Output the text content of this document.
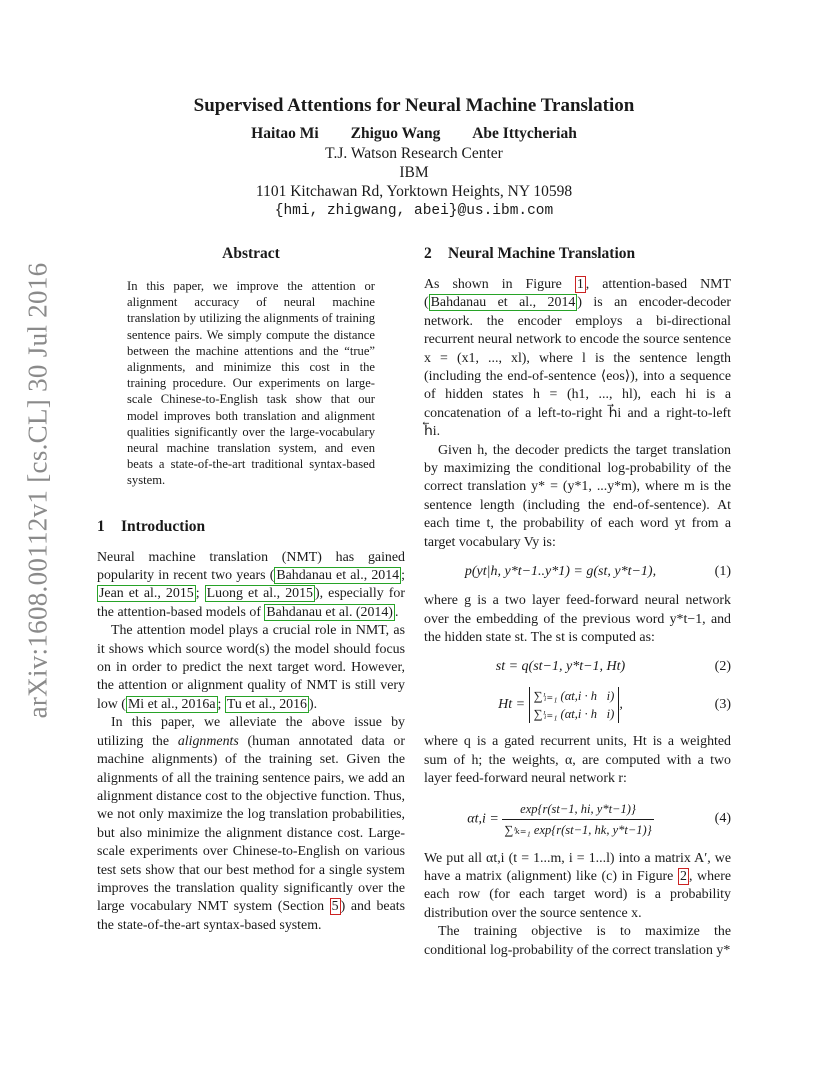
arXiv:1608.00112v1 [cs.CL] 30 Jul 2016
Supervised Attentions for Neural Machine Translation
Haitao Mi Zhiguo Wang Abe Ittycheriah
T.J. Watson Research Center
IBM
1101 Kitchawan Rd, Yorktown Heights, NY 10598
{hmi, zhigwang, abei}@us.ibm.com
Abstract

In this paper, we improve the attention or alignment accuracy of neural machine translation by utilizing the alignments of training sentence pairs. We simply compute the distance between the machine attentions and the “true” alignments, and minimize this cost in the training procedure. Our experiments on large-scale Chinese-to-English task show that our model improves both translation and alignment qualities significantly over the large-vocabulary neural machine translation system, and even beats a state-of-the-art traditional syntax-based system.

1 Introduction

Neural machine translation (NMT) has gained popularity in recent two years ( Bahdanau et al., 2014 ; Jean et al., 2015 ; Luong et al., 2015 ), especially for the attention-based models of Bahdanau et al. (2014) .

The attention model plays a crucial role in NMT, as it shows which source word(s) the model should focus on in order to predict the next target word. However, the attention or alignment quality of NMT is still very low ( Mi et al., 2016a ; Tu et al., 2016 ).

In this paper, we alleviate the above issue by utilizing the alignments (human annotated data or machine alignments) of the training set. Given the alignments of all the training sentence pairs, we add an alignment distance cost to the objective function. Thus, we not only maximize the log translation probabilities, but also minimize the alignment distance cost. Large-scale experiments over Chinese-to-English on various test sets show that our best method for a single system improves the translation quality significantly over the large vocabulary NMT system (Section 5 ) and beats the state-of-the-art syntax-based system.

2 Neural Machine Translation

As shown in Figure 1 , attention-based NMT ( Bahdanau et al., 2014 ) is an encoder-decoder network. the encoder employs a bi-directional recurrent neural network to encode the source sentence x = (x1, ..., xl), where l is the sentence length (including the end-of-sentence ⟨eos⟩), into a sequence of hidden states h = (h1, ..., hl), each hi is a concatenation of a left-to-right h⃗i and a right-to-left h⃖i.

Given h, the decoder predicts the target translation by maximizing the conditional log-probability of the correct translation y* = (y*1, ...y*m), where m is the sentence length (including the end-of-sentence). At each time t, the probability of each word yt from a target vocabulary Vy is:

p(yt|h, y*t−1..y*1) = g(st, y*t−1),	(1)

where g is a two layer feed-forward neural network over the embedding of the previous word y*t−1, and the hidden state st. The st is computed as:

st = q(st−1, y*t−1, Ht)	(2)
Ht =
∑ᶦᵢ₌₁ (αt,i · h⃖i)
∑ᶦᵢ₌₁ (αt,i · h⃗i)
,	(3)

where q is a gated recurrent units, Ht is a weighted sum of h; the weights, α, are computed with a two layer feed-forward neural network r:

$\alpha t,i = \frac{\exp\{r(st-1, hi, y*t-1)\}}{\text{∑ᶦₖ₌₁ exp\{r(st−1, hk, y*t−1)\}}}$	(4)

We put all αt,i (t = 1...m, i = 1...l) into a matrix A′, we have a matrix (alignment) like (c) in Figure 2 , where each row (for each target word) is a probability distribution over the source sentence x.

The training objective is to maximize the conditional log-probability of the correct translation y*
